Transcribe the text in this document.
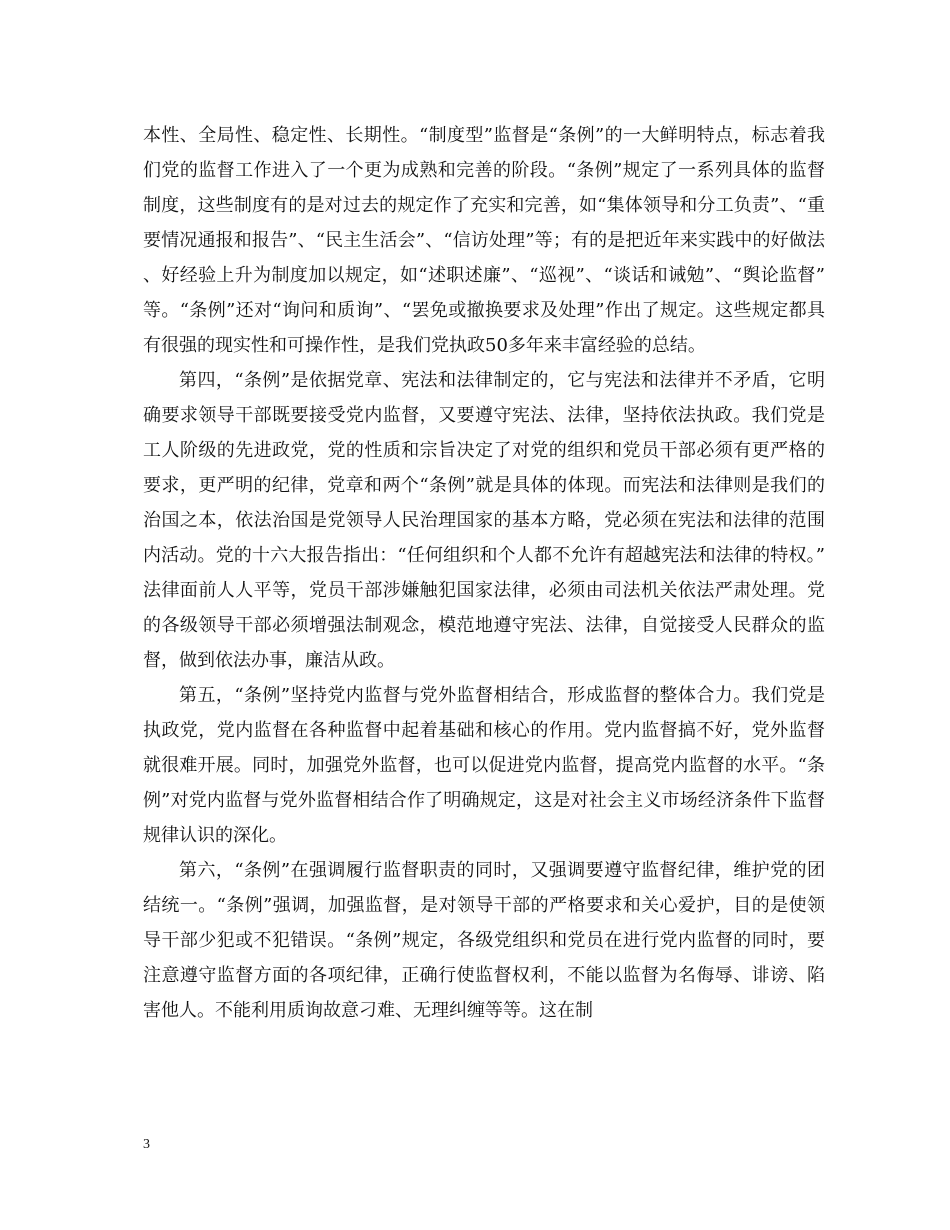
本性、全局性、稳定性、长期性。“制度型”监督是“条例”的一大鲜明特点，标志着我们党的监督工作进入了一个更为成熟和完善的阶段。“条例”规定了一系列具体的监督制度，这些制度有的是对过去的规定作了充实和完善，如“集体领导和分工负责”、“重要情况通报和报告”、“民主生活会”、“信访处理”等；有的是把近年来实践中的好做法、好经验上升为制度加以规定，如“述职述廉”、“巡视”、“谈话和诫勉”、“舆论监督”等。“条例”还对“询问和质询”、“罢免或撤换要求及处理”作出了规定。这些规定都具有很强的现实性和可操作性，是我们党执政50多年来丰富经验的总结。

第四，“条例”是依据党章、宪法和法律制定的，它与宪法和法律并不矛盾，它明确要求领导干部既要接受党内监督，又要遵守宪法、法律，坚持依法执政。我们党是工人阶级的先进政党，党的性质和宗旨决定了对党的组织和党员干部必须有更严格的要求，更严明的纪律，党章和两个“条例”就是具体的体现。而宪法和法律则是我们的治国之本，依法治国是党领导人民治理国家的基本方略，党必须在宪法和法律的范围内活动。党的十六大报告指出：“任何组织和个人都不允许有超越宪法和法律的特权。”法律面前人人平等，党员干部涉嫌触犯国家法律，必须由司法机关依法严肃处理。党的各级领导干部必须增强法制观念，模范地遵守宪法、法律，自觉接受人民群众的监督，做到依法办事，廉洁从政。

第五，“条例”坚持党内监督与党外监督相结合，形成监督的整体合力。我们党是执政党，党内监督在各种监督中起着基础和核心的作用。党内监督搞不好，党外监督就很难开展。同时，加强党外监督，也可以促进党内监督，提高党内监督的水平。“条例”对党内监督与党外监督相结合作了明确规定，这是对社会主义市场经济条件下监督规律认识的深化。

第六，“条例”在强调履行监督职责的同时，又强调要遵守监督纪律，维护党的团结统一。“条例”强调，加强监督，是对领导干部的严格要求和关心爱护，目的是使领导干部少犯或不犯错误。“条例”规定，各级党组织和党员在进行党内监督的同时，要注意遵守监督方面的各项纪律，正确行使监督权利，不能以监督为名侮辱、诽谤、陷害他人。不能利用质询故意刁难、无理纠缠等等。这在制

3
